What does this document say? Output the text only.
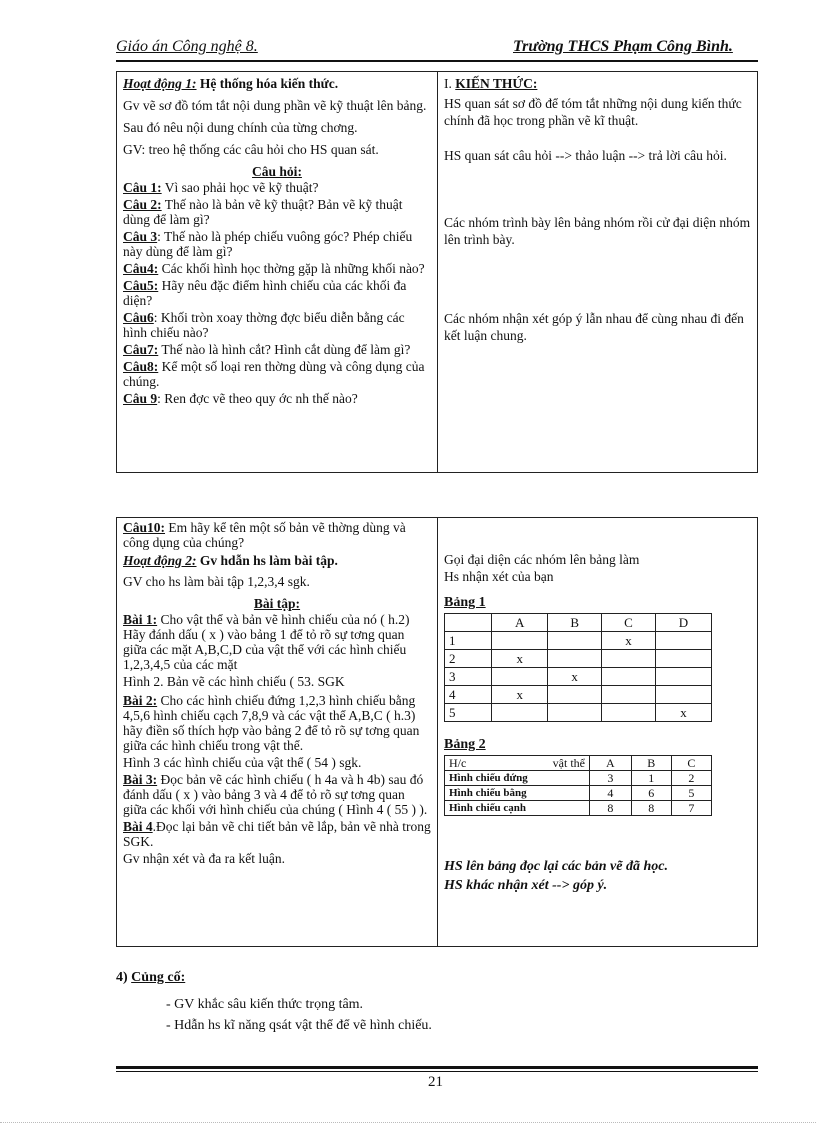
Giáo án Công nghệ 8.	Trường THCS Phạm Công Bình.

Hoạt động 1: Hệ thống hóa kiến thức.

Gv vẽ sơ đồ tóm tắt nội dung phần vẽ kỹ thuật lên bảng.

Sau đó nêu nội dung chính của từng chơng.

GV: treo hệ thống các câu hỏi cho HS quan sát.

Câu hỏi:

Câu 1: Vì sao phải học vẽ kỹ thuật?

Câu 2: Thế nào là bản vẽ kỹ thuật? Bản vẽ kỹ thuật dùng để làm gì?

Câu 3: Thế nào là phép chiếu vuông góc? Phép chiếu này dùng để làm gì?

Câu4: Các khối hình học thờng gặp là những khối nào?

Câu5: Hãy nêu đặc điểm hình chiếu của các khối đa diện?

Câu6: Khối tròn xoay thờng đợc biểu diễn bằng các hình chiếu nào?

Câu7: Thế nào là hình cắt? Hình cắt dùng để làm gì?

Câu8: Kể một số loại ren thờng dùng và công dụng của chúng.

Câu 9: Ren đợc vẽ theo quy ớc nh thế nào?

I. KIẾN THỨC:

HS quan sát sơ đồ để tóm tắt những nội dung kiến thức chính đã học trong phần vẽ kĩ thuật.

HS quan sát câu hỏi --> thảo luận --> trả lời câu hỏi.

Các nhóm trình bày lên bảng nhóm rồi cử đại diện nhóm lên trình bày.

Các nhóm nhận xét góp ý lẫn nhau để cùng nhau đi đến kết luận chung.

Câu10: Em hãy kể tên một số bản vẽ thờng dùng và công dụng của chúng?

Hoạt động 2: Gv hdẫn hs làm bài tập.

GV cho hs làm bài tập 1,2,3,4 sgk.

Bài tập:

Bài 1: Cho vật thể và bản vẽ hình chiếu của nó ( h.2) Hãy đánh dấu ( x ) vào bảng 1 để tỏ rõ sự tơng quan giữa các mặt A,B,C,D của vật thể với các hình chiếu 1,2,3,4,5 của các mặt

Hình 2. Bản vẽ các hình chiếu ( 53. SGK

Bài 2: Cho các hình chiếu đứng 1,2,3 hình chiếu bằng 4,5,6 hình chiếu cạch 7,8,9 và các vật thể A,B,C ( h.3) hãy điền số thích hợp vào bảng 2 để tỏ rõ sự tơng quan giữa các hình chiếu trong vật thể.

Hình 3 các hình chiếu của vật thể ( 54 ) sgk.

Bài 3: Đọc bản vẽ các hình chiếu ( h 4a và h 4b) sau đó đánh dấu ( x ) vào bảng 3 và 4 để tỏ rõ sự tơng quan giữa các khối với hình chiếu của chúng ( Hình 4 ( 55 ) ).

Bài 4.Đọc lại bản vẽ chi tiết bản vẽ lắp, bản vẽ nhà trong SGK.

Gv nhận xét và đa ra kết luận.

Gọi đại diện các nhóm lên bảng làm

Hs nhận xét của bạn

Bảng 1
	A	B	C	D
1			x	
2	x			
3		x		
4	x			
5				x
Bảng 2
H/c	vật thể	A	B	C
Hình chiếu đứng	3	1	2
Hình chiếu bằng	4	6	5
Hình chiếu cạnh	8	8	7

HS lên bảng đọc lại các bản vẽ đã học.

HS khác nhận xét --> góp ý.

4) Củng cố:
- GV khắc sâu kiến thức trọng tâm.
- Hdẫn hs kĩ năng qsát vật thể để vẽ hình chiếu.
21
